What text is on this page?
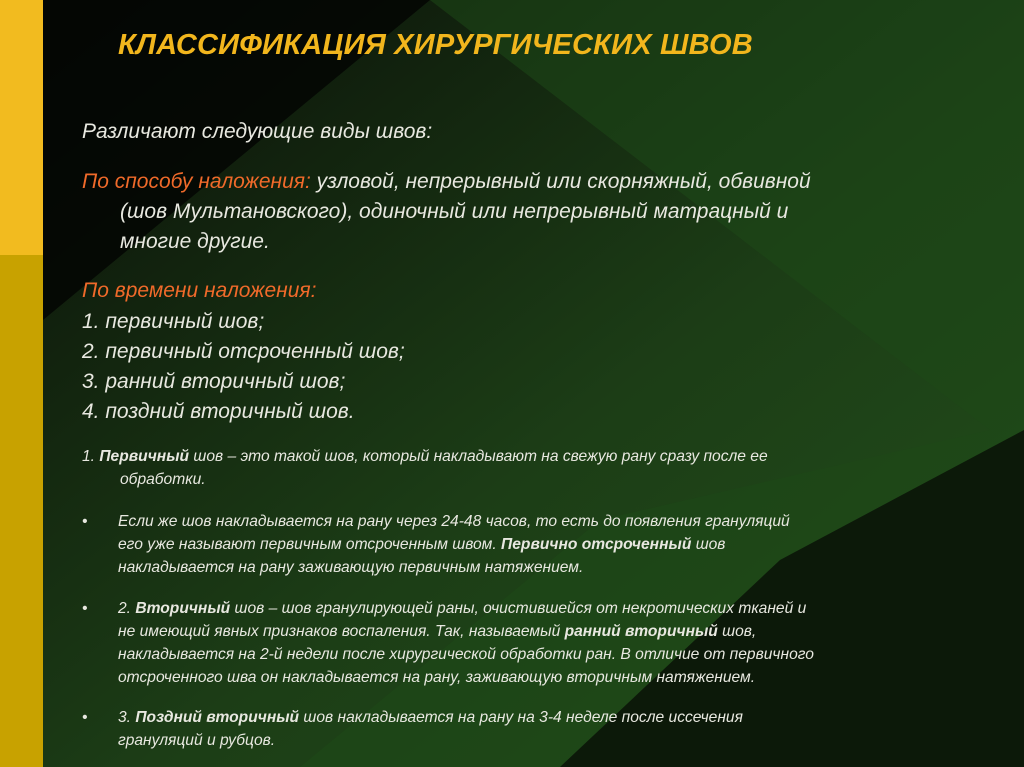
КЛАССИФИКАЦИЯ ХИРУРГИЧЕСКИХ ШВОВ
Различают следующие виды швов:
По способу наложения: узловой, непрерывный или скорняжный, обвивной
(шов Мультановского), одиночный или непрерывный матрацный и
многие другие.
По времени наложения:
1. первичный шов;
2. первичный отсроченный шов;
3. ранний вторичный шов;
4. поздний вторичный шов.
1. Первичный шов – это такой шов, который накладывают на свежую рану сразу после ее
обработки.
• Если же шов накладывается на рану через 24-48 часов, то есть до появления грануляций
его уже называют первичным отсроченным швом. Первично отсроченный шов
накладывается на рану заживающую первичным натяжением.
• 2. Вторичный шов – шов гранулирующей раны, очистившейся от некротических тканей и
не имеющий явных признаков воспаления. Так, называемый ранний вторичный шов,
накладывается на 2-й недели после хирургической обработки ран. В отличие от первичного
отсроченного шва он накладывается на рану, заживающую вторичным натяжением.
• 3. Поздний вторичный шов накладывается на рану на 3-4 неделе после иссечения
грануляций и рубцов.
